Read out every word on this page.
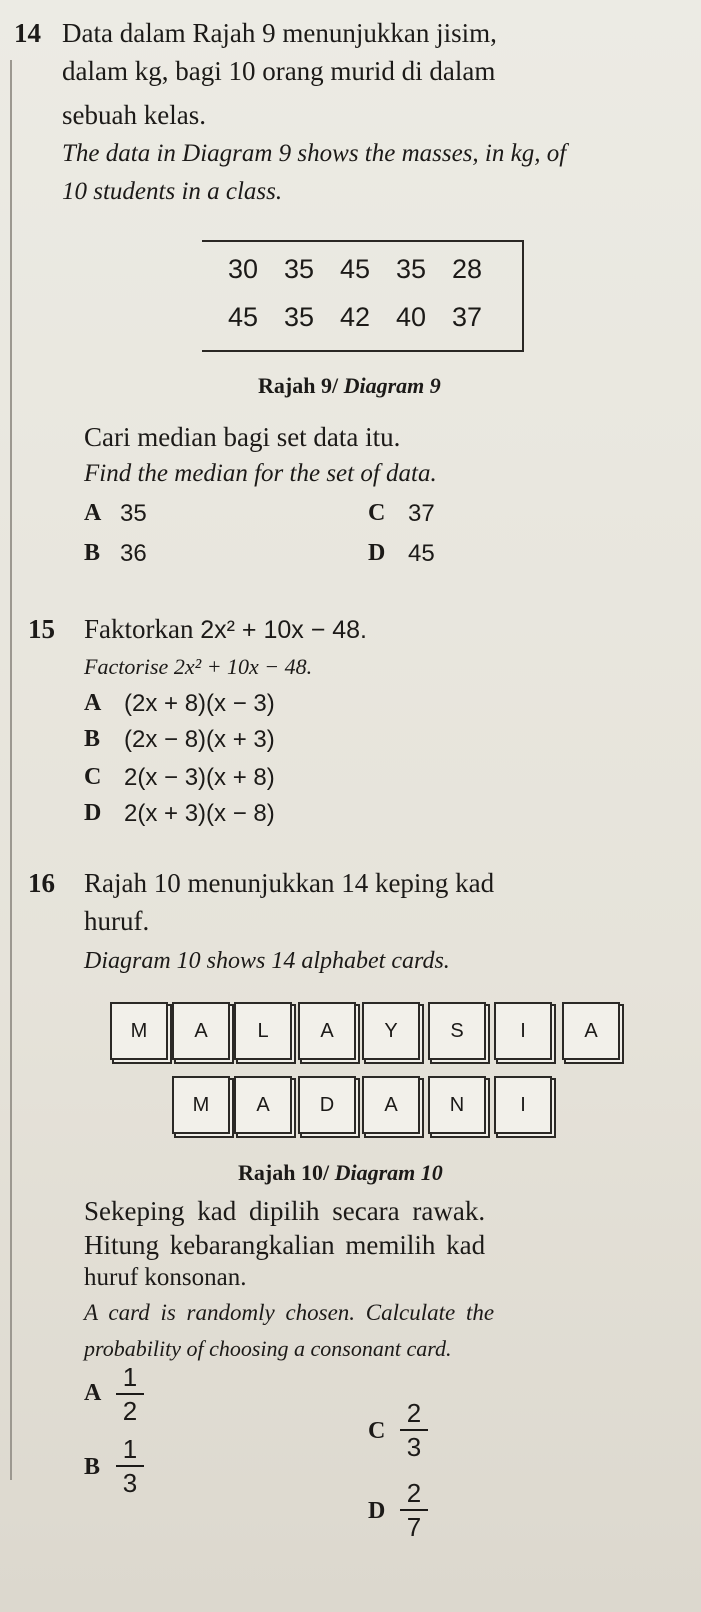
14 Data dalam Rajah 9 menunjukkan jisim,
dalam kg, bagi 10 orang murid di dalam
sebuah kelas.
The data in Diagram 9 shows the masses, in kg, of
10 students in a class.
30 35 45 35 28
45 35 42 40 37
Rajah 9/ Diagram 9
Cari median bagi set data itu.
Find the median for the set of data.
A 35
B 36
C 37
D 45
15 Faktorkan 2x² + 10x − 48.
Factorise 2x² + 10x − 48.
A (2x + 8)(x − 3)
B (2x − 8)(x + 3)
C 2(x − 3)(x + 8)
D 2(x + 3)(x − 8)
16 Rajah 10 menunjukkan 14 keping kad
huruf.
Diagram 10 shows 14 alphabet cards.
M	A	L	A	Y	S	I	A
M	A	D	A	N	I
Rajah 10/ Diagram 10
Sekeping kad dipilih secara rawak.
Hitung kebarangkalian memilih kad
huruf konsonan.
A card is randomly chosen. Calculate the
probability of choosing a consonant card.
A
1
2
B
1
3
C
2
3
D
2
7
